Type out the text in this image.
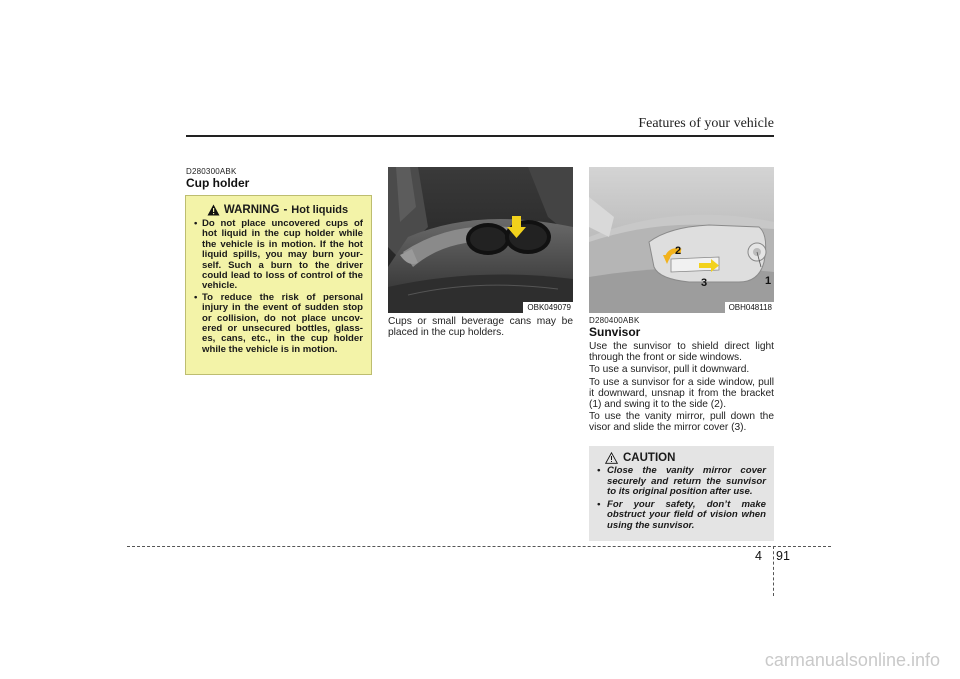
Features of your vehicle
D280300ABK
Cup holder
WARNING - Hot liquids
• Do not place uncovered cups of hot liquid in the cup holder while the vehicle is in motion. If the hot liquid spills, you may burn your-self. Such a burn to the driver could lead to loss of control of the vehicle.
• To reduce the risk of personal injury in the event of sudden stop or collision, do not place uncov-ered or unsecured bottles, glass-es, cans, etc., in the cup holder while the vehicle is in motion.
OBK049079
Cups or small beverage cans may be placed in the cup holders.
2
3	1
OBH048118
D280400ABK
Sunvisor

Use the sunvisor to shield direct light through the front or side windows.

To use a sunvisor, pull it downward.

To use a sunvisor for a side window, pull it downward, unsnap it from the bracket (1) and swing it to the side (2).

To use the vanity mirror, pull down the visor and slide the mirror cover (3).

CAUTION
• Close the vanity mirror cover securely and return the sunvisor to its original position after use.
• For your safety, don’t make obstruct your field of vision when using the sunvisor.
4 91
carmanualsonline.info
